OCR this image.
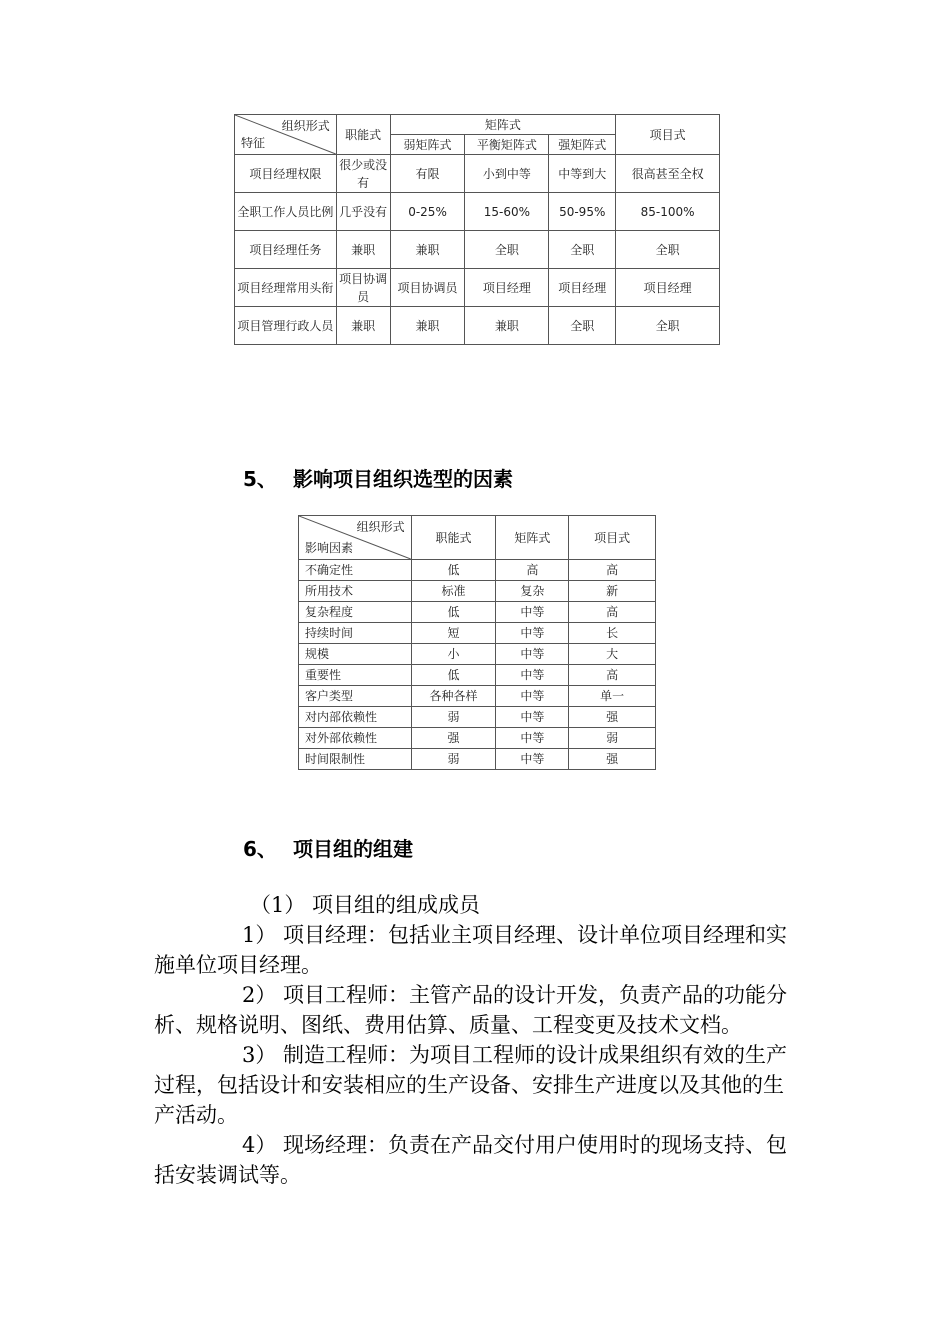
组织形式
特征	职能式	矩阵式			项目式
		弱矩阵式	平衡矩阵式	强矩阵式	
项目经理权限	很少或没有	有限	小到中等	中等到大	很高甚至全权
全职工作人员比例	几乎没有	0-25%	15-60%	50-95%	85-100%
项目经理任务	兼职	兼职	全职	全职	全职
项目经理常用头衔	项目协调员	项目协调员	项目经理	项目经理	项目经理
项目管理行政人员	兼职	兼职	兼职	全职	全职
5、 影响项目组织选型的因素
组织形式
影响因素	职能式	矩阵式	项目式
不确定性	低	高	高
所用技术	标准	复杂	新
复杂程度	低	中等	高
持续时间	短	中等	长
规模	小	中等	大
重要性	低	中等	高
客户类型	各种各样	中等	单一
对内部依赖性	弱	中等	强
对外部依赖性	强	中等	弱
时间限制性	弱	中等	强
6、 项目组的组建

（1） 项目组的组成成员

1） 项目经理：包括业主项目经理、设计单位项目经理和实施单位项目经理。

2） 项目工程师：主管产品的设计开发，负责产品的功能分析、规格说明、图纸、费用估算、质量、工程变更及技术文档。

3） 制造工程师：为项目工程师的设计成果组织有效的生产过程，包括设计和安装相应的生产设备、安排生产进度以及其他的生产活动。

4） 现场经理：负责在产品交付用户使用时的现场支持、包括安装调试等。
